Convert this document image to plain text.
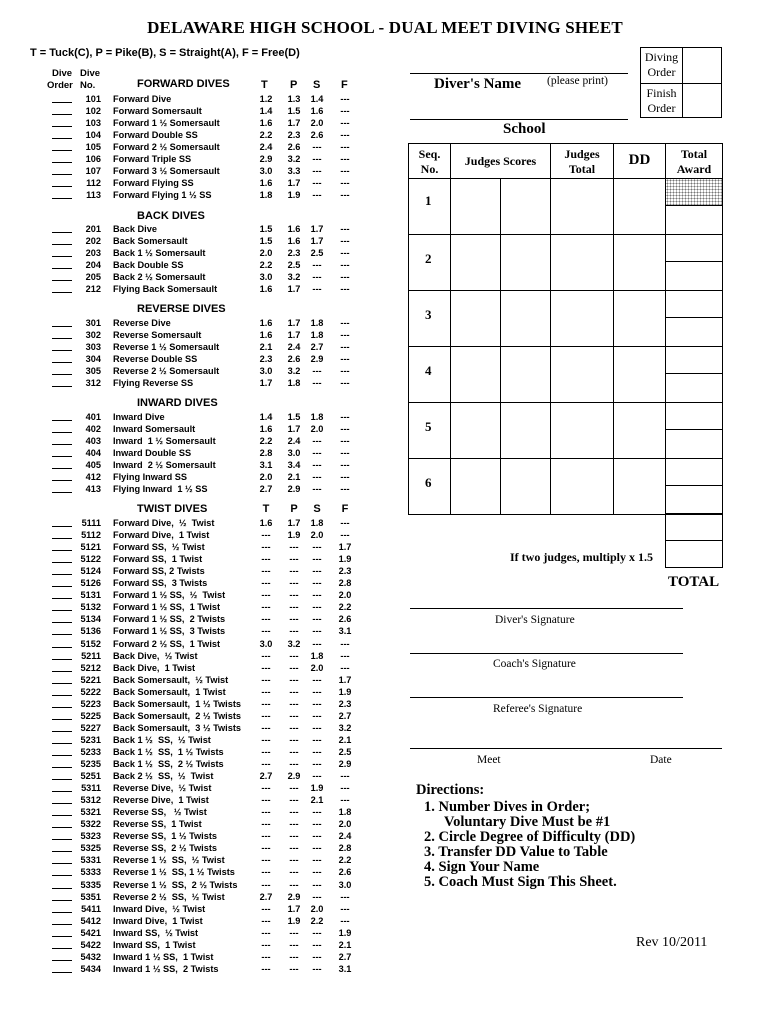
DELAWARE HIGH SCHOOL - DUAL MEET DIVING SHEET
T = Tuck(C), P = Pike(B), S = Straight(A), F = Free(D)
Dive Dive
Order No.	T P S F
FORWARD DIVES
101 Forward Dive	1.2	1.3	1.4	---
102 Forward Somersault	1.4	1.5	1.6	---
103 Forward 1 ½ Somersault	1.6	1.7	2.0	---
104 Forward Double SS	2.2	2.3	2.6	---
105 Forward 2 ½ Somersault	2.4	2.6	---	---
106 Forward Triple SS	2.9	3.2	---	---
107 Forward 3 ½ Somersault	3.0	3.3	---	---
112 Forward Flying SS	1.6	1.7	---	---
113 Forward Flying 1 ½ SS	1.8	1.9	---	---
BACK DIVES
201 Back Dive	1.5	1.6	1.7	---
202 Back Somersault	1.5	1.6	1.7	---
203 Back 1 ½ Somersault	2.0	2.3	2.5	---
204 Back Double SS	2.2	2.5	---	---
205 Back 2 ½ Somersault	3.0	3.2	---	---
212 Flying Back Somersault	1.6	1.7	---	---
REVERSE DIVES
301 Reverse Dive	1.6	1.7	1.8	---
302 Reverse Somersault	1.6	1.7	1.8	---
303 Reverse 1 ½ Somersault	2.1	2.4	2.7	---
304 Reverse Double SS	2.3	2.6	2.9	---
305 Reverse 2 ½ Somersault	3.0	3.2	---	---
312 Flying Reverse SS	1.7	1.8	---	---
INWARD DIVES
401 Inward Dive	1.4	1.5	1.8	---
402 Inward Somersault	1.6	1.7	2.0	---
403 Inward  1 ½ Somersault	2.2	2.4	---	---
404 Inward Double SS	2.8	3.0	---	---
405 Inward  2 ½ Somersault	3.1	3.4	---	---
412 Flying Inward SS	2.0	2.1	---	---
413 Flying Inward  1 ½ SS	2.7	2.9	---	---
TWIST DIVES	T	P	S	F
5111 Forward Dive,  ½  Twist	1.6	1.7	1.8	---
5112 Forward Dive,  1 Twist	---	1.9	2.0	---
5121 Forward SS,  ½ Twist	---	---	---	1.7
5122 Forward SS,  1 Twist	---	---	---	1.9
5124 Forward SS, 2 Twists	---	---	---	2.3
5126 Forward SS,  3 Twists	---	---	---	2.8
5131 Forward 1 ½ SS,  ½  Twist	---	---	---	2.0
5132 Forward 1 ½ SS,  1 Twist	---	---	---	2.2
5134 Forward 1 ½ SS,  2 Twists	---	---	---	2.6
5136 Forward 1 ½ SS,  3 Twists	---	---	---	3.1
5152 Forward 2 ½ SS,  1 Twist	3.0	3.2	---	---
5211 Back Dive,  ½ Twist	---	---	1.8	---
5212 Back Dive,  1 Twist	---	---	2.0	---
5221 Back Somersault,  ½ Twist	---	---	---	1.7
5222 Back Somersault,  1 Twist	---	---	---	1.9
5223 Back Somersault,  1 ½ Twists	---	---	---	2.3
5225 Back Somersault,  2 ½ Twists	---	---	---	2.7
5227 Back Somersault,  3 ½ Twists	---	---	---	3.2
5231 Back 1 ½  SS,  ½ Twist	---	---	---	2.1
5233 Back 1 ½  SS,  1 ½ Twists	---	---	---	2.5
5235 Back 1 ½  SS,  2 ½ Twists	---	---	---	2.9
5251 Back 2 ½  SS,  ½  Twist	2.7	2.9	---	---
5311 Reverse Dive,  ½ Twist	---	---	1.9	---
5312 Reverse Dive,  1 Twist	---	---	2.1	---
5321 Reverse SS,   ½ Twist	---	---	---	1.8
5322 Reverse SS,  1 Twist	---	---	---	2.0
5323 Reverse SS,  1 ½ Twists	---	---	---	2.4
5325 Reverse SS,  2 ½ Twists	---	---	---	2.8
5331 Reverse 1 ½  SS,  ½ Twist	---	---	---	2.2
5333 Reverse 1 ½  SS, 1 ½ Twists	---	---	---	2.6
5335 Reverse 1 ½  SS,  2 ½ Twists	---	---	---	3.0
5351 Reverse 2 ½  SS,  ½ Twist	2.7	2.9	---	---
5411 Inward Dive,  ½ Twist	---	1.7	2.0	---
5412 Inward Dive,  1 Twist	---	1.9	2.2	---
5421 Inward SS,  ½ Twist	---	---	---	1.9
5422 Inward SS,  1 Twist	---	---	---	2.1
5432 Inward 1 ½ SS,  1 Twist	---	---	---	2.7
5434 Inward 1 ½ SS,  2 Twists	---	---	---	3.1
Diver's Name (please print)
School
Diving
Order
Finish
Order
Seq.
No.
Judges Scores	Judges
Total
DD	Total
Award
1
2
3
4
5
6
If two judges, multiply x 1.5
TOTAL
Diver's Signature
Coach's Signature
Referee's Signature
Meet	Date
Directions:
1. Number Dives in Order;
Voluntary Dive Must be #1
2. Circle Degree of Difficulty (DD)
3. Transfer DD Value to Table
4. Sign Your Name
5. Coach Must Sign This Sheet.
Rev 10/2011
